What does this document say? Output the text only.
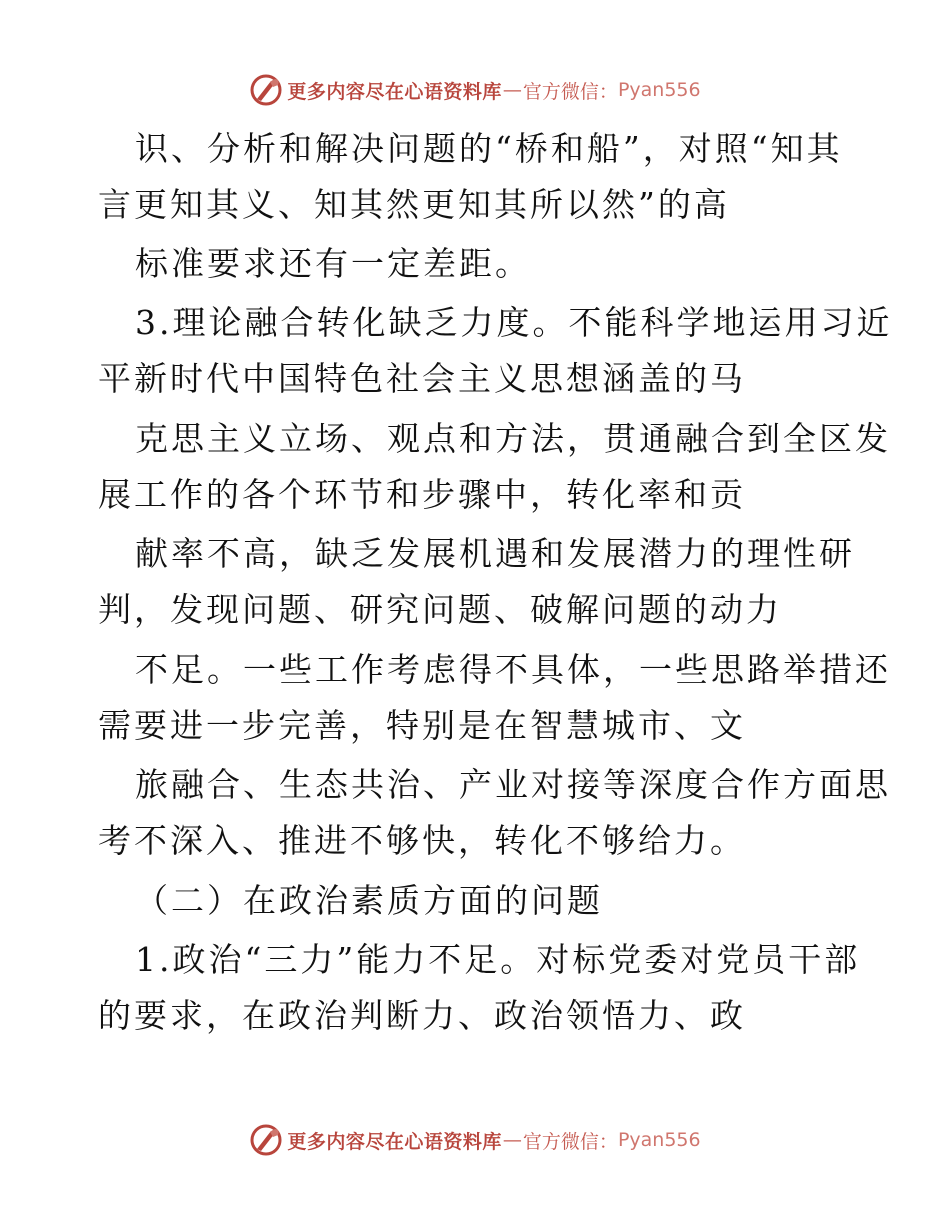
更多内容尽在心语资料库 — 官方微信： Pyan556
识、分析和解决问题的“桥和船”，对照“知其
言更知其义、知其然更知其所以然”的高
标准要求还有一定差距。
3.理论融合转化缺乏力度。不能科学地运用习近
平新时代中国特色社会主义思想涵盖的马
克思主义立场、观点和方法，贯通融合到全区发
展工作的各个环节和步骤中，转化率和贡
献率不高，缺乏发展机遇和发展潜力的理性研
判，发现问题、研究问题、破解问题的动力
不足。一些工作考虑得不具体，一些思路举措还
需要进一步完善，特别是在智慧城市、文
旅融合、生态共治、产业对接等深度合作方面思
考不深入、推进不够快，转化不够给力。
（二）在政治素质方面的问题
1.政治“三力”能力不足。对标党委对党员干部
的要求，在政治判断力、政治领悟力、政
更多内容尽在心语资料库 — 官方微信： Pyan556
